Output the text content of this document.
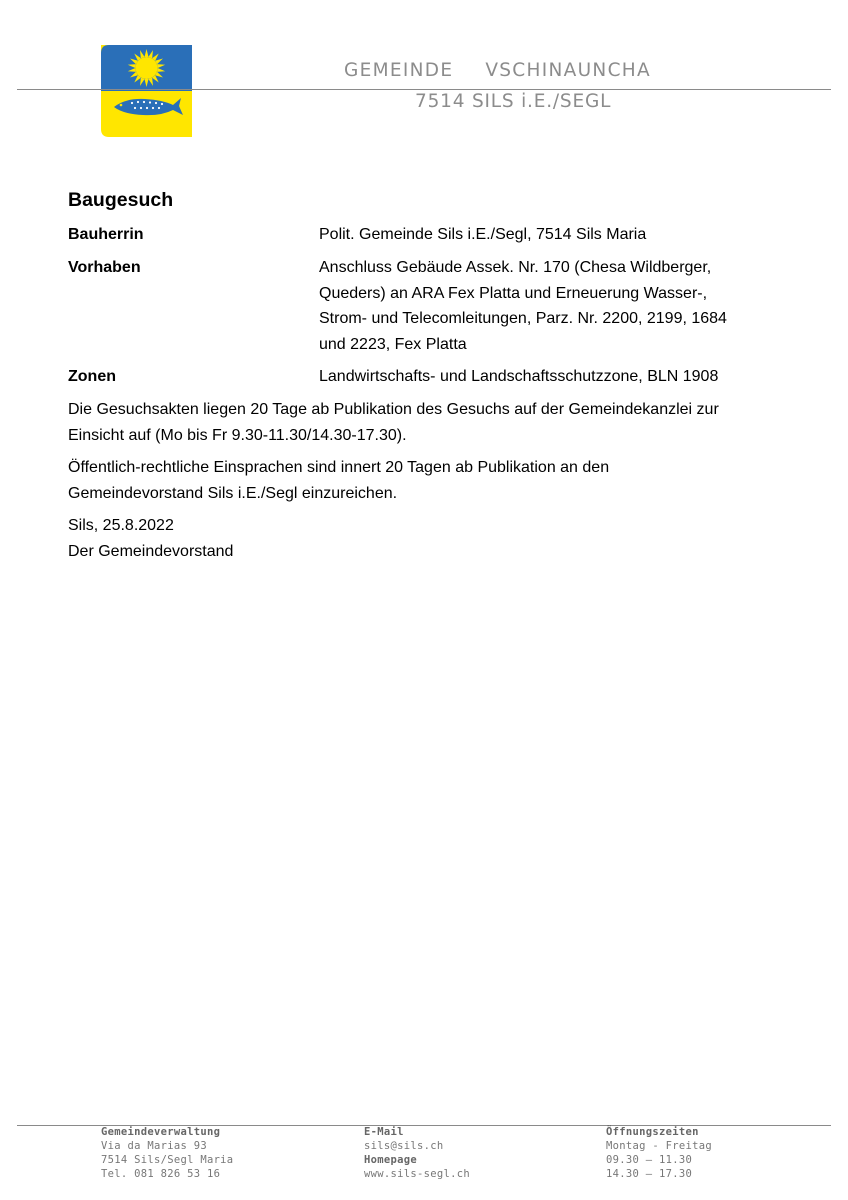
GEMEINDE VSCHINAUNCHA
7514 SILS i.E./SEGL
Baugesuch
Bauherrin	Polit. Gemeinde Sils i.E./Segl, 7514 Sils Maria
Vorhaben	Anschluss Gebäude Assek. Nr. 170 (Chesa Wildberger,
Queders) an ARA Fex Platta und Erneuerung Wasser-,
Strom- und Telecomleitungen, Parz. Nr. 2200, 2199, 1684
und 2223, Fex Platta
Zonen	Landwirtschafts- und Landschaftsschutzzone, BLN 1908
Die Gesuchsakten liegen 20 Tage ab Publikation des Gesuchs auf der Gemeindekanzlei zur
Einsicht auf (Mo bis Fr 9.30-11.30/14.30-17.30).
Öffentlich-rechtliche Einsprachen sind innert 20 Tagen ab Publikation an den
Gemeindevorstand Sils i.E./Segl einzureichen.
Sils, 25.8.2022
Der Gemeindevorstand
Gemeindeverwaltung
Via da Marias 93
7514 Sils/Segl Maria
Tel. 081 826 53 16
E-Mail
sils@sils.ch
Homepage
www.sils-segl.ch
Öffnungszeiten
Montag - Freitag
09.30 – 11.30
14.30 – 17.30
